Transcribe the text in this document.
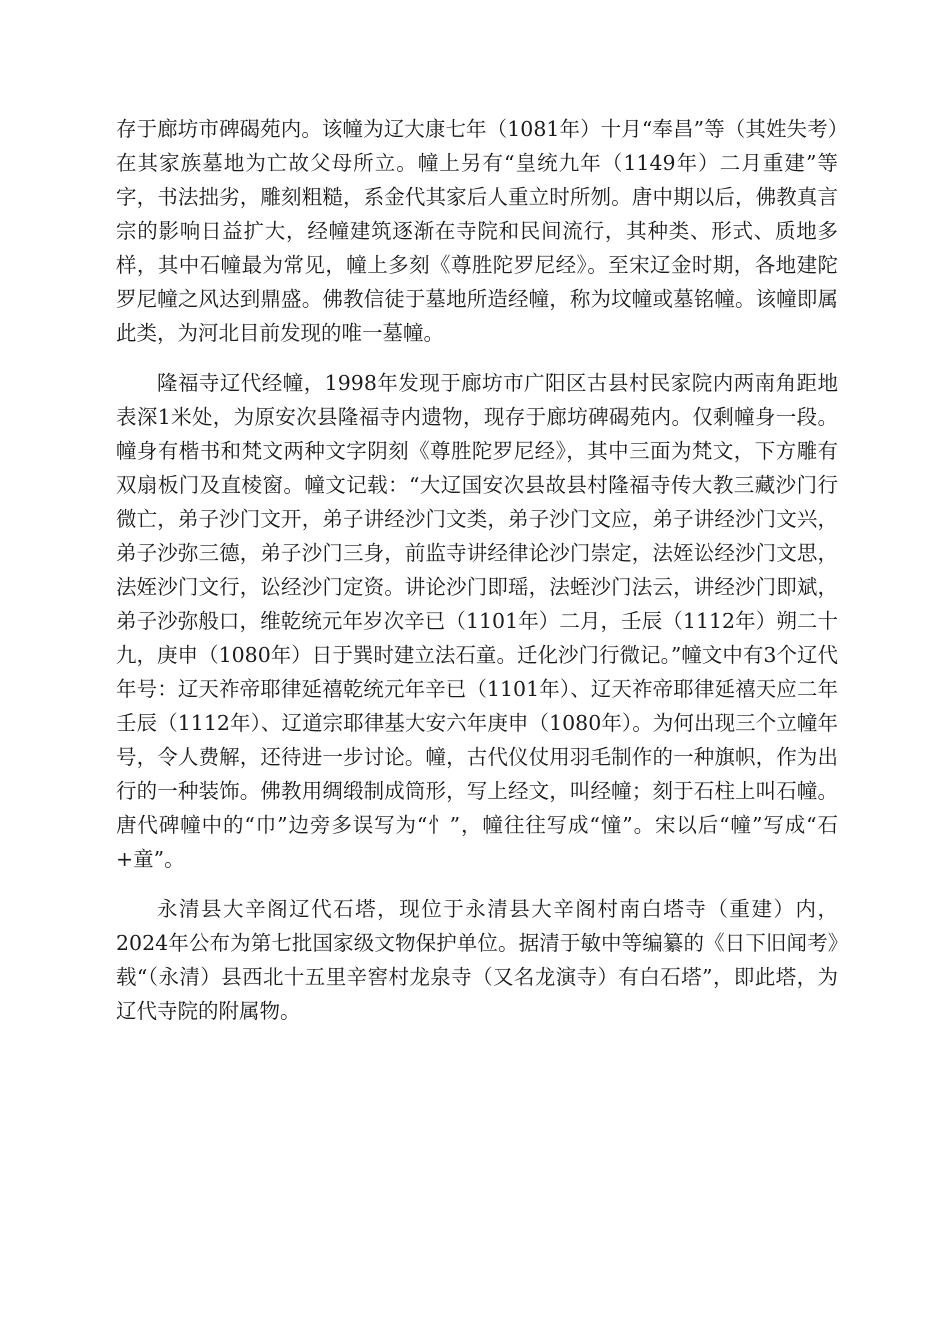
存于廊坊市碑碣苑内。该幢为辽大康七年（1081年）十月“奉昌”等（其姓失考）在其家族墓地为亡故父母所立。幢上另有“皇统九年（1149年）二月重建”等字，书法拙劣，雕刻粗糙，系金代其家后人重立时所刎。唐中期以后，佛教真言宗的影响日益扩大，经幢建筑逐渐在寺院和民间流行，其种类、形式、质地多样，其中石幢最为常见，幢上多刻《尊胜陀罗尼经》。至宋辽金时期，各地建陀罗尼幢之风达到鼎盛。佛教信徒于墓地所造经幢，称为坟幢或墓铭幢。该幢即属此类，为河北目前发现的唯一墓幢。

隆福寺辽代经幢，1998年发现于廊坊市广阳区古县村民家院内两南角距地表深1米处，为原安次县隆福寺内遗物，现存于廊坊碑碣苑内。仅剩幢身一段。幢身有楷书和梵文两种文字阴刻《尊胜陀罗尼经》，其中三面为梵文，下方雕有双扇板门及直棱窗。幢文记载：“大辽国安次县故县村隆福寺传大教三藏沙门行微亡，弟子沙门文开，弟子讲经沙门文类，弟子沙门文应，弟子讲经沙门文兴，弟子沙弥三德，弟子沙门三身，前监寺讲经律论沙门崇定，法姪讼经沙门文思，法姪沙门文行，讼经沙门定资。讲论沙门即瑶，法蛭沙门法云，讲经沙门即斌，弟子沙弥般口，维乾统元年岁次辛已（1101年）二月，壬辰（1112年）朔二十九，庚申（1080年）日于巽时建立法石童。迁化沙门行微记。”幢文中有3个辽代年号：辽天祚帝耶律延禧乾统元年辛已（1101年）、辽天祚帝耶律延禧天应二年壬辰（1112年）、辽道宗耶律基大安六年庚申（1080年）。为何出现三个立幢年号，令人费解，还待进一步讨论。幢，古代仪仗用羽毛制作的一种旗帜，作为出行的一种装饰。佛教用绸缎制成筒形，写上经文，叫经幢；刻于石柱上叫石幢。唐代碑幢中的“巾”边旁多误写为“忄”，幢往往写成“憧”。宋以后“幢”写成“石+童”。

永清县大辛阁辽代石塔，现位于永清县大辛阁村南白塔寺（重建）内，2024年公布为第七批国家级文物保护单位。据清于敏中等编纂的《日下旧闻考》载“（永清）县西北十五里辛窖村龙泉寺（又名龙演寺）有白石塔”，即此塔，为辽代寺院的附属物。
